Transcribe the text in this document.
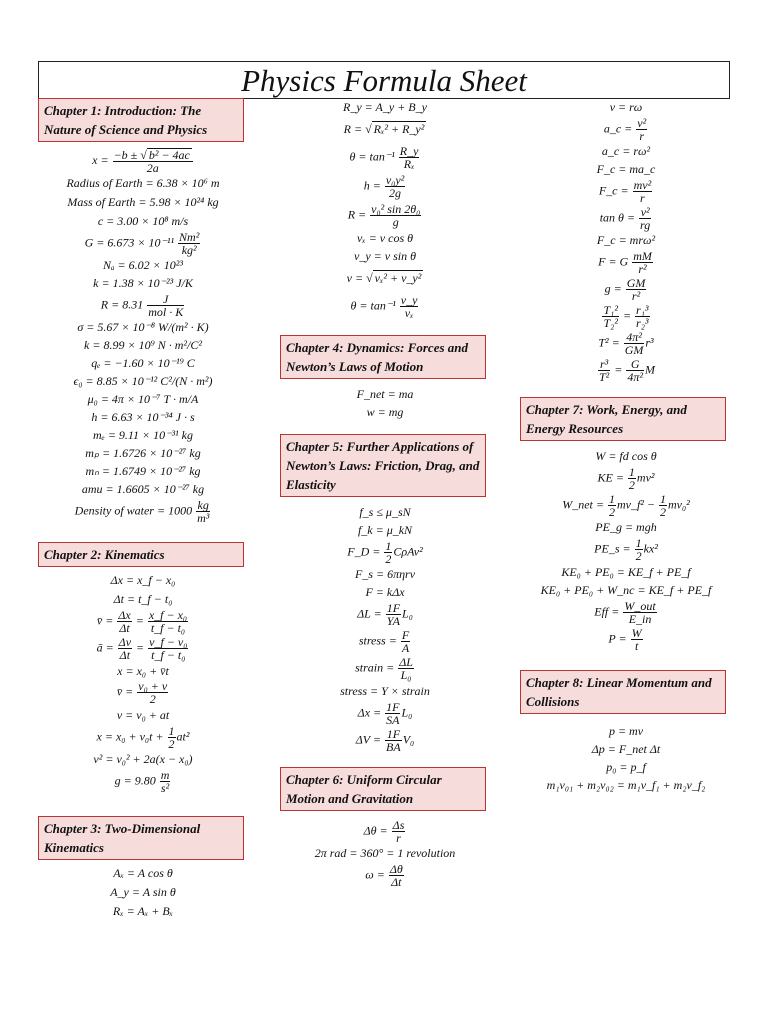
Physics Formula Sheet
Chapter 1: Introduction: The Nature of Science and Physics
$x = \frac{\text{−b ± √ b² − 4ac}}{2a}$
Radius of Earth = 6.38 × 10⁶ m
Mass of Earth = 5.98 × 10²⁴ kg
c = 3.00 × 10⁸ m/s
$G = 6.673 \times 10^{-11} \frac{\text{Nm²}}{\text{kg²}}$
Nₐ = 6.02 × 10²³
k = 1.38 × 10⁻²³ J/K
R = 8.31	J
mol · K
σ = 5.67 × 10⁻⁸ W/(m² · K)
k = 8.99 × 10⁹ N · m²/C²
qₑ = −1.60 × 10⁻¹⁹ C
ϵ₀ = 8.85 × 10⁻¹² C²/(N · m²)
μ₀ = 4π × 10⁻⁷ T · m/A
h = 6.63 × 10⁻³⁴ J · s
mₑ = 9.11 × 10⁻³¹ kg
mₚ = 1.6726 × 10⁻²⁷ kg
mₙ = 1.6749 × 10⁻²⁷ kg
amu = 1.6605 × 10⁻²⁷ kg
Density of water = $1000 \frac{kg}{\text{m³}}$
Chapter 2: Kinematics
Δx = x_f − x₀
Δt = t_f − t₀
v̄ = $\frac{\Delta x}{\Delta t} = \frac{\text{x\_f − x₀}}{\text{t\_f − t₀}}$
ā = $\frac{\Delta v}{\Delta t} = \frac{\text{v\_f − v₀}}{\text{t\_f − t₀}}$
x = x₀ + v̄t
v̄ = $\frac{\text{v₀ + v}}{2}$
v = v₀ + at
$x = x_0 + v_0t + \frac{1}{2} at^2$
v² = v₀² + 2a(x − x₀)
$g = 9.80 \frac{m}{\text{s²}}$
Chapter 3: Two-Dimensional Kinematics
Aₓ = A cos θ
A_y = A sin θ
Rₓ = Aₓ + Bₓ
R_y = A_y + B_y
R = √ Rₓ² + R_y²
$\theta = \tan^{-1} \frac{R\_y}{\text{Rₓ}}$
$h = \frac{\text{v₀y²}}{2g}$
$R = \frac{\text{v₀² sin 2θ₀}}{g}$
vₓ = v cos θ
v_y = v sin θ
v = √ vₓ² + v_y²
$\theta = \tan^{-1} \frac{v\_y}{\text{vₓ}}$
Chapter 4: Dynamics: Forces and Newton’s Laws of Motion
F_net = ma
w = mg
Chapter 5: Further Applications of Newton’s Laws: Friction, Drag, and Elasticity
f_s ≤ μ_sN
f_k = μ_kN
F_D = $\frac{1}{2} C\rho Av^2$
F_s = 6πηrv
F = kΔx
$\Delta L = \frac{1F}{YA} L_0$
stress = $\frac{F}{A}$
strain = $\frac{\Delta L}{\text{L₀}}$
stress = Y × strain
$\Delta x = \frac{1F}{SA} L_0$
$\Delta V = \frac{1F}{BA} V_0$
Chapter 6: Uniform Circular Motion and Gravitation
$\Delta\theta = \frac{\Delta s}{r}$
2π rad = 360° = 1 revolution
$\omega = \frac{\Delta\theta}{\Delta t}$
v = rω
a_c = $\frac{\text{v²}}{r}$
a_c = rω²
F_c = ma_c
F_c = $\frac{\text{mv²}}{r}$
$\tan \theta = \frac{\text{v²}}{rg}$
F_c = mrω²
F = G $\frac{mM}{\text{r²}}$
$g = \frac{GM}{\text{r²}}$
$\frac{\text{T₁²}}{\text{T₂²}} = \frac{\text{r₁³}}{\text{r₂³}}$
$T^2 = \frac{\text{4π²}}{GM} r^3$
$\frac{\text{r³}}{\text{T²}} = \frac{G}{\text{4π²}}$ M
Chapter 7: Work, Energy, and Energy Resources
W = fd cos θ
KE = $\frac{1}{2} mv^2$
W_net = $\frac{1}{2}$ mv_f² − $\frac{1}{2} mv_0^2$
PE_g = mgh
PE_s = $\frac{1}{2} kx^2$
KE₀ + PE₀ = KE_f + PE_f
KE₀ + PE₀ + W_nc = KE_f + PE_f
Eff = W_out
E_in
$P = \frac{W}{t}$
Chapter 8: Linear Momentum and Collisions
p = mv
Δp = F_net Δt
p₀ = p_f
m₁v₀₁ + m₂v₀₂ = m₁v_f₁ + m₂v_f₂
